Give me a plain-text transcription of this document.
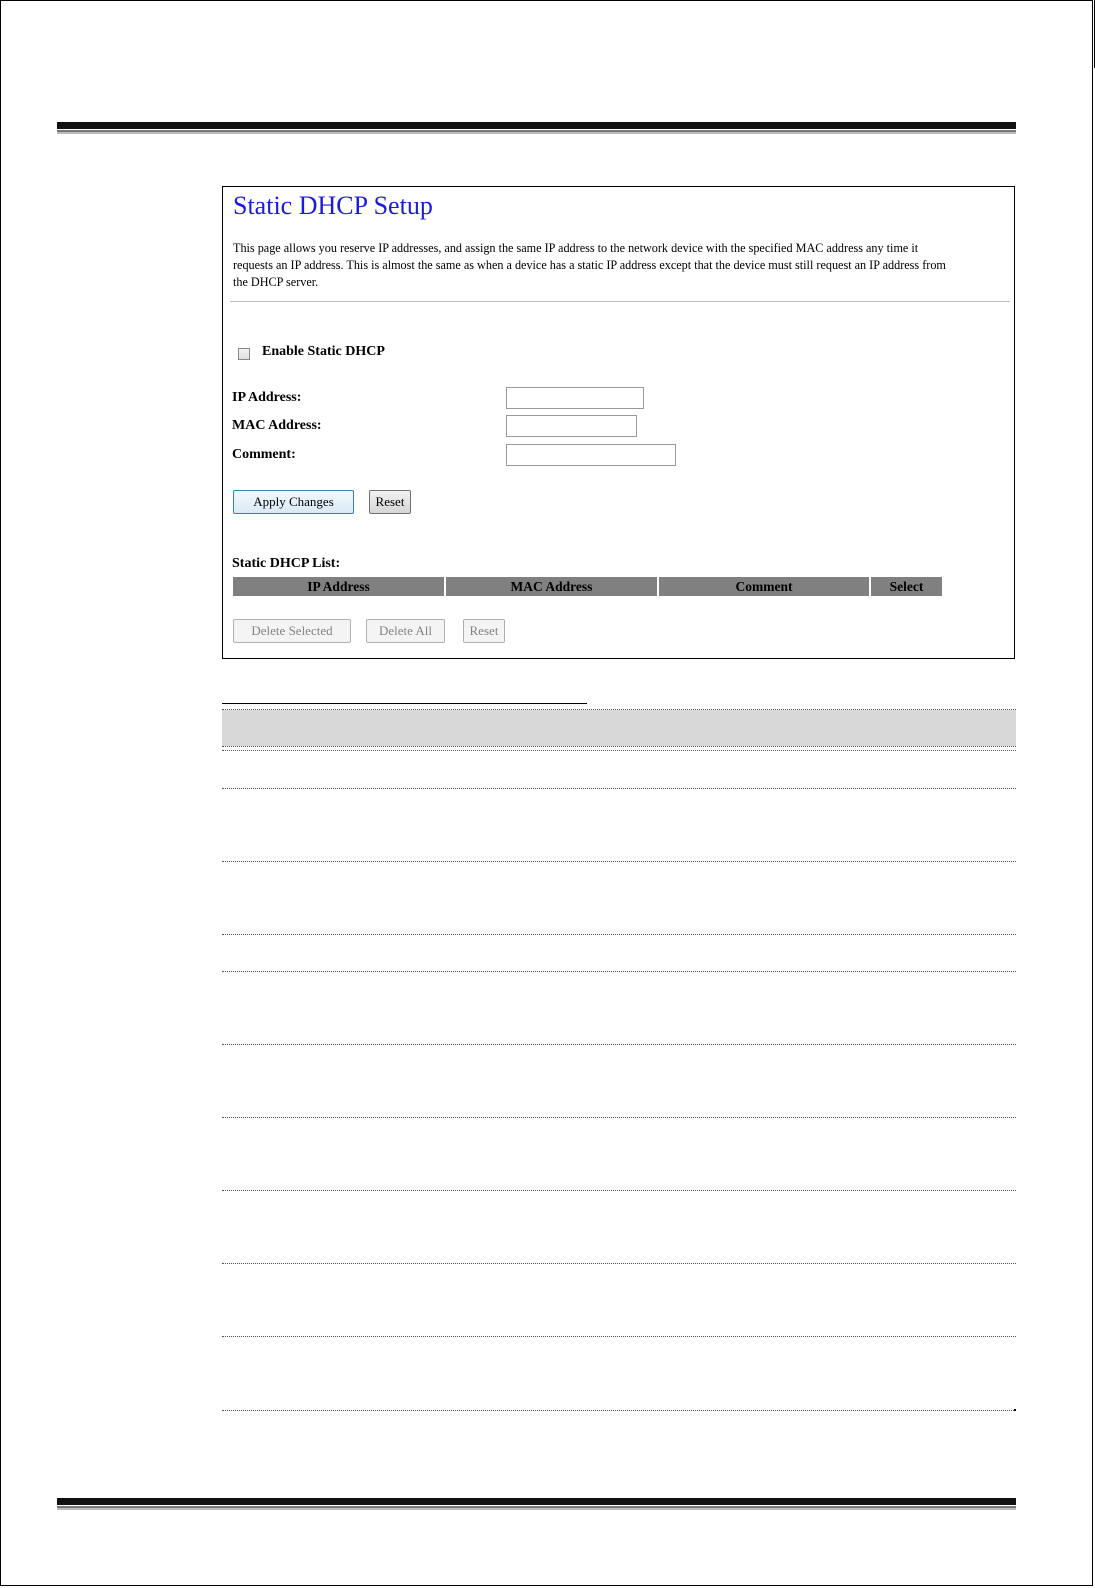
Static DHCP Setup
This page allows you reserve IP addresses, and assign the same IP address to the network device with the specified MAC address any time it
requests an IP address. This is almost the same as when a device has a static IP address except that the device must still request an IP address from
the DHCP server.
Enable Static DHCP
IP Address:
MAC Address:
Comment:
Apply Changes	Reset
Static DHCP List:
IP Address	MAC Address	Comment	Select
Delete Selected	Delete All	Reset
